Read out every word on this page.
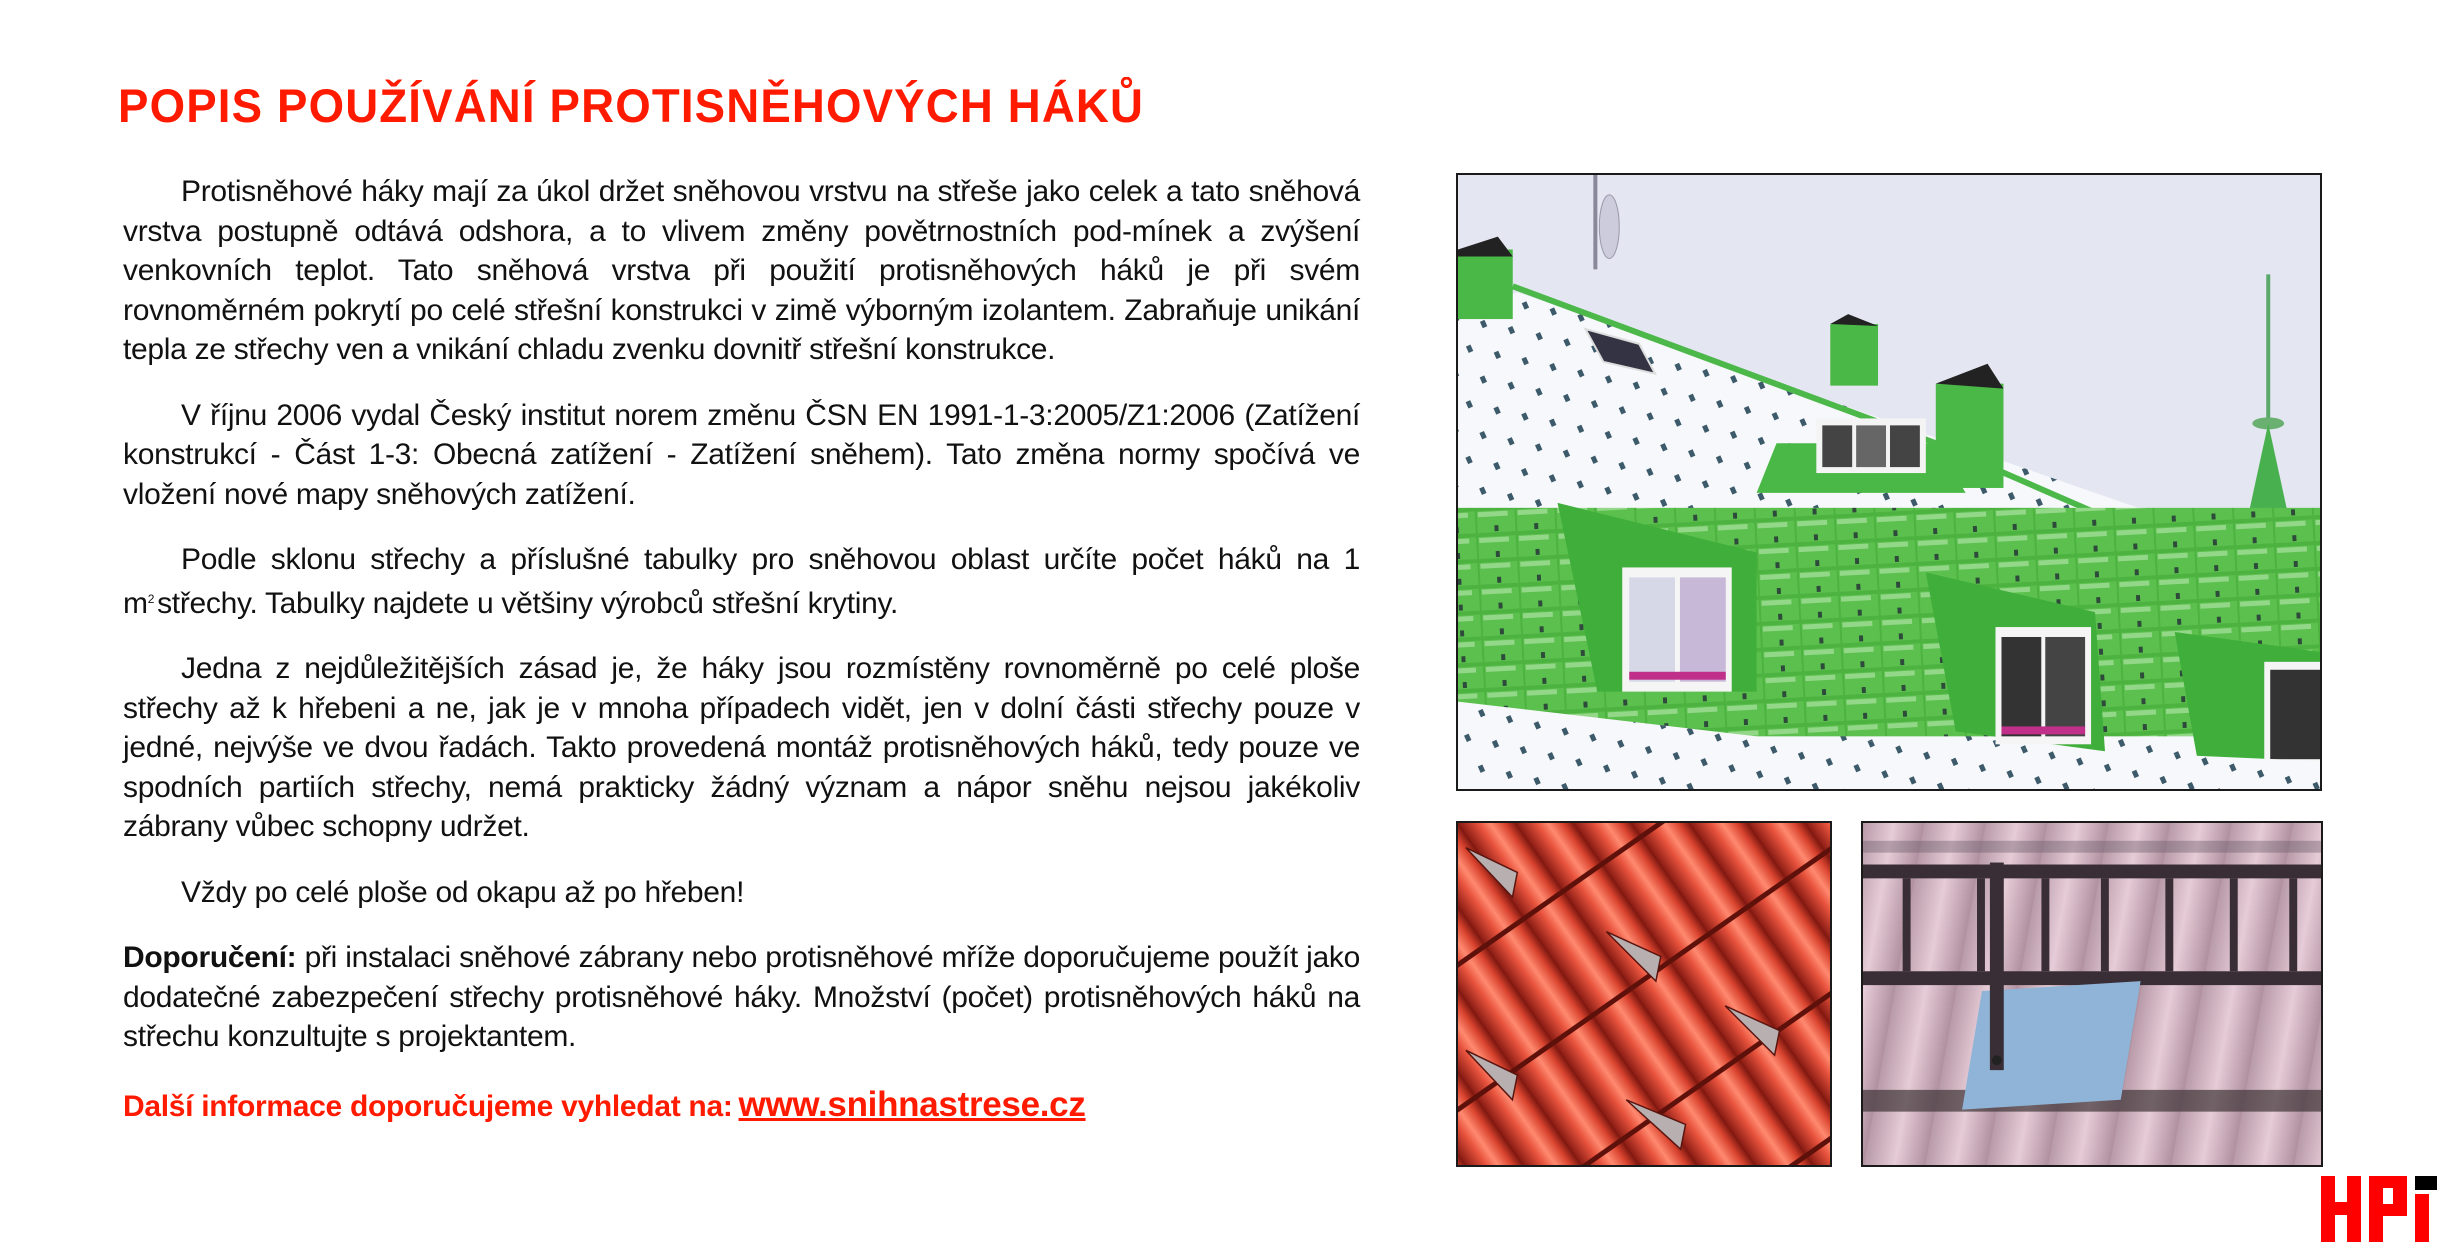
POPIS POUŽÍVÁNÍ PROTISNĚHOVÝCH HÁKŮ

Protisněhové háky mají za úkol držet sněhovou vrstvu na střeše jako celek a tato sněhová vrstva postupně odtává odshora, a to vlivem změny povětrnostních pod-mínek a zvýšení venkovních teplot. Tato sněhová vrstva při použití protisněhových háků je při svém rovnoměrném pokrytí po celé střešní konstrukci v zimě výborným izolantem. Zabraňuje unikání tepla ze střechy ven a vnikání chladu zvenku dovnitř střešní konstrukce.

V říjnu 2006 vydal Český institut norem změnu ČSN EN 1991-1-3:2005/Z1:2006 (Zatížení konstrukcí - Část 1-3: Obecná zatížení - Zatížení sněhem). Tato změna normy spočívá ve vložení nové mapy sněhových zatížení.

Podle sklonu střechy a příslušné tabulky pro sněhovou oblast určíte počet háků na 1 $m^2$ střechy. Tabulky najdete u většiny výrobců střešní krytiny.

Jedna z nejdůležitějších zásad je, že háky jsou rozmístěny rovnoměrně po celé ploše střechy až k hřebeni a ne, jak je v mnoha případech vidět, jen v dolní části střechy pouze v jedné, nejvýše ve dvou řadách. Takto provedená montáž protisněhových háků, tedy pouze ve spodních partiích střechy, nemá prakticky žádný význam a nápor sněhu nejsou jakékoliv zábrany vůbec schopny udržet.

Vždy po celé ploše od okapu až po hřeben!

Doporučení: při instalaci sněhové zábrany nebo protisněhové mříže doporučujeme použít jako dodatečné zabezpečení střechy protisněhové háky. Množství (počet) protisněhových háků na střechu konzultujte s projektantem.

Další informace doporučujeme vyhledat na: www.snihnastrese.cz
